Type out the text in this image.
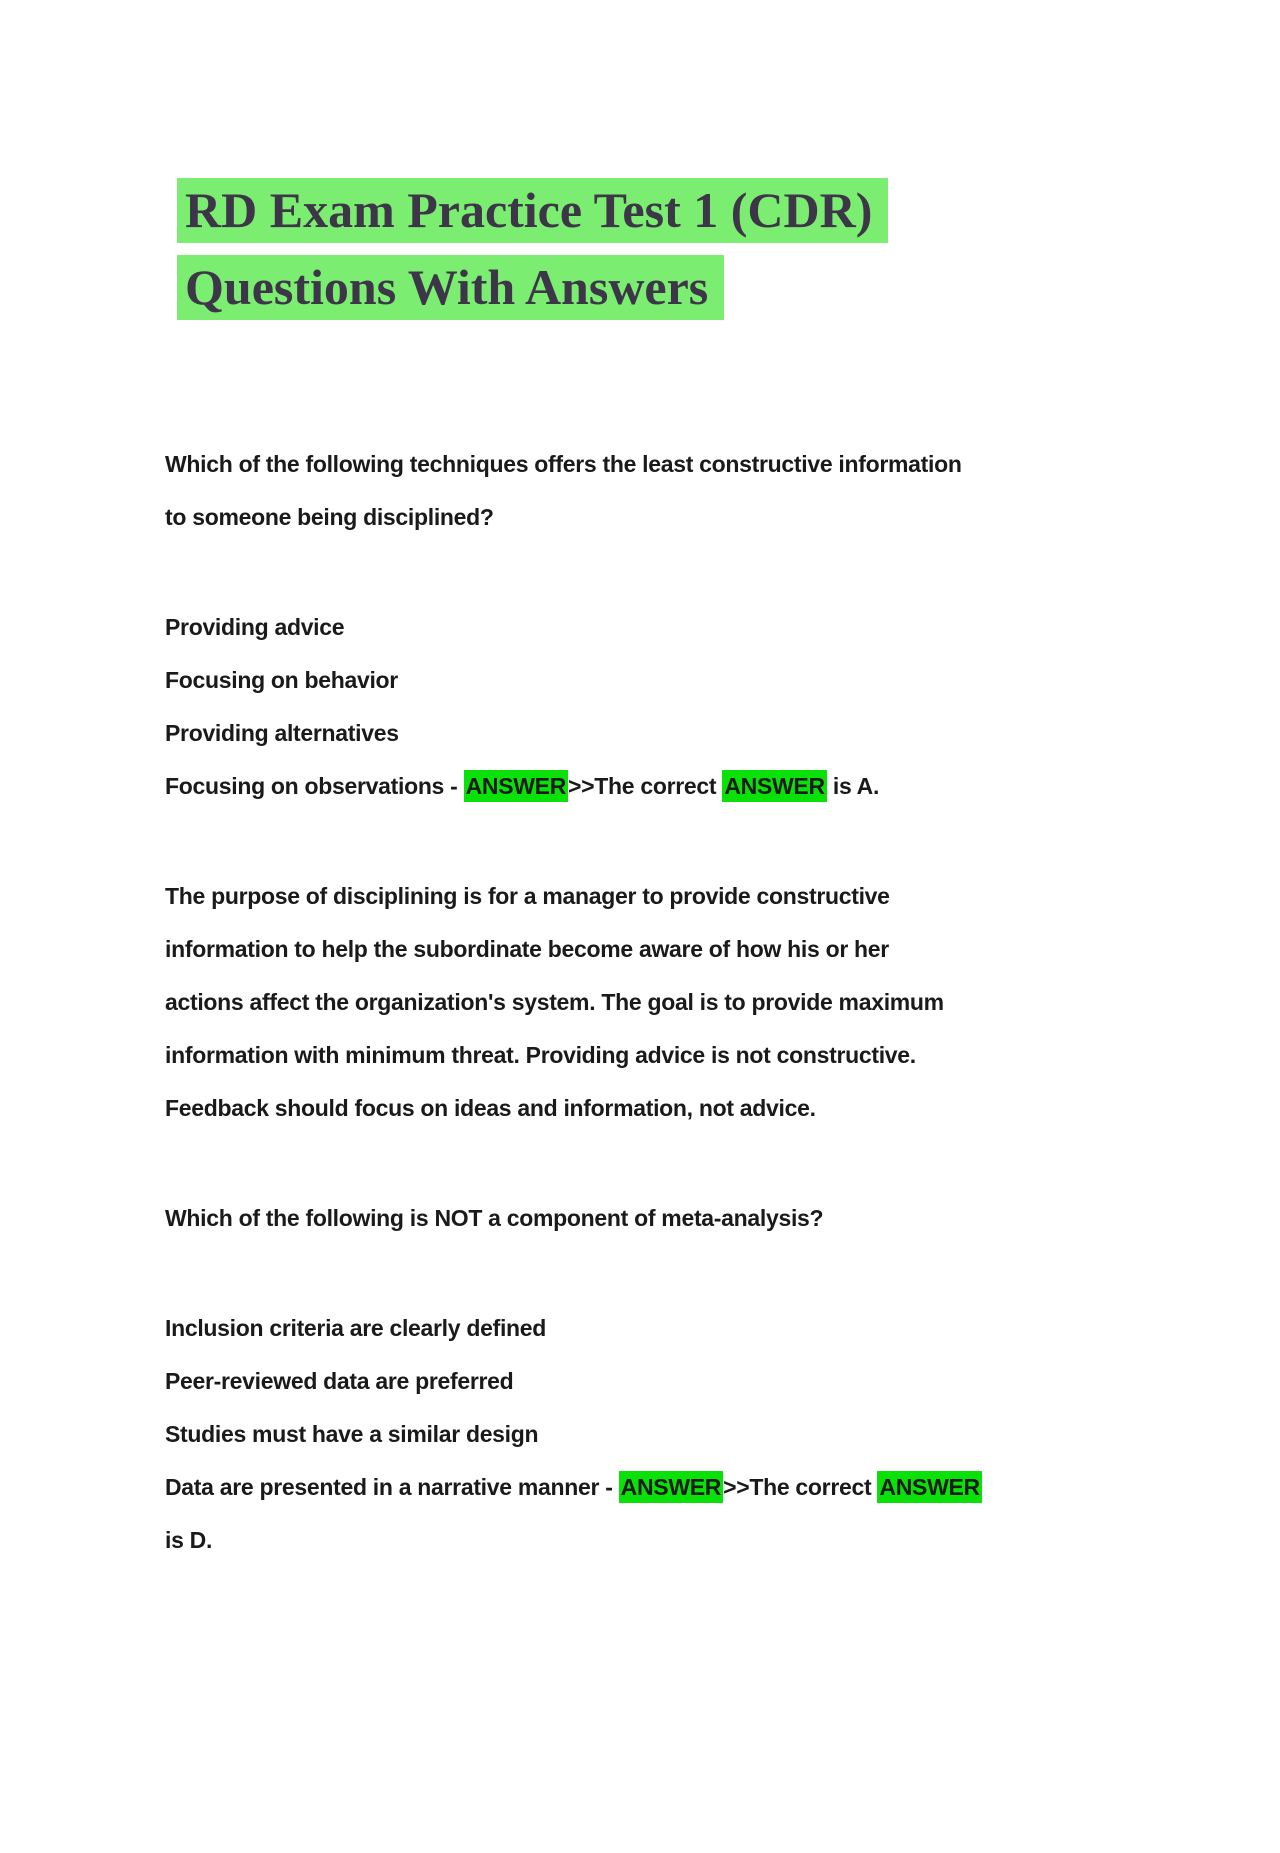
RD Exam Practice Test 1 (CDR)
Questions With Answers
Which of the following techniques offers the least constructive information
to someone being disciplined?
Providing advice
Focusing on behavior
Providing alternatives
Focusing on observations - ANSWER>>The correct ANSWER is A.
The purpose of disciplining is for a manager to provide constructive
information to help the subordinate become aware of how his or her
actions affect the organization's system. The goal is to provide maximum
information with minimum threat. Providing advice is not constructive.
Feedback should focus on ideas and information, not advice.
Which of the following is NOT a component of meta-analysis?
Inclusion criteria are clearly defined
Peer-reviewed data are preferred
Studies must have a similar design
Data are presented in a narrative manner - ANSWER>>The correct ANSWER
is D.
